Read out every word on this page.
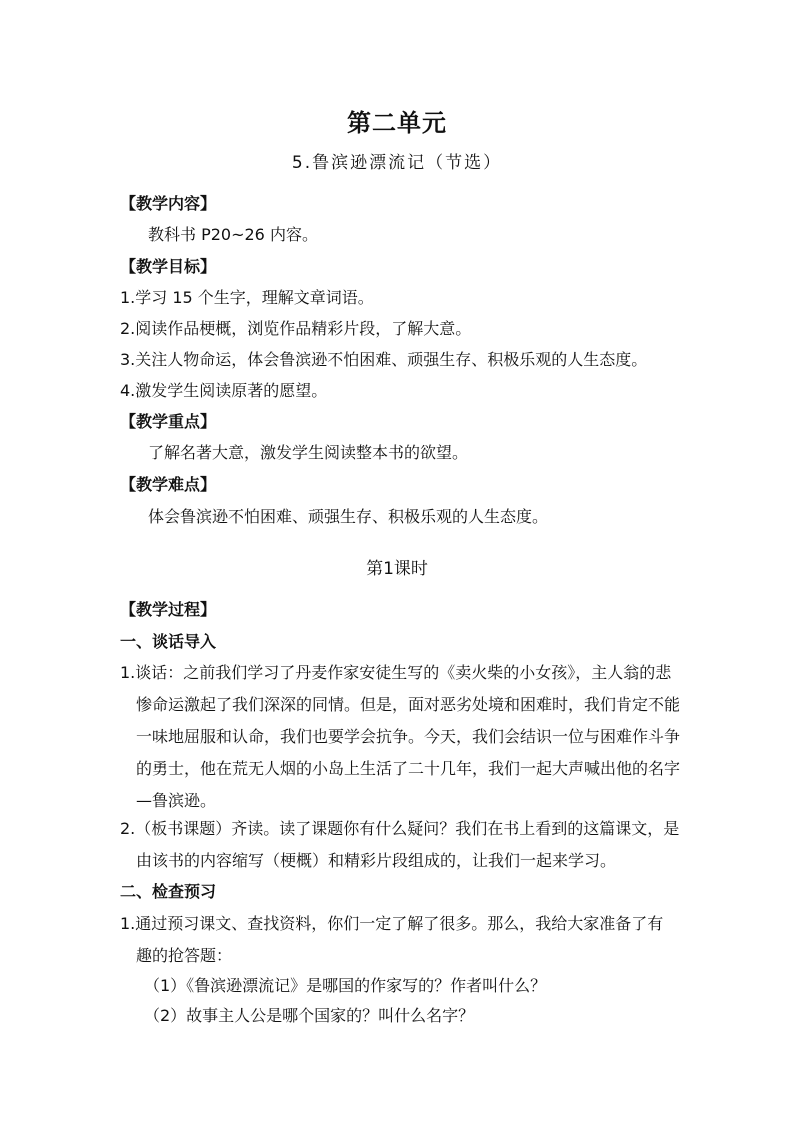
第二单元
5.鲁滨逊漂流记（节选）
【教学内容】
教科书 P20~26 内容。
【教学目标】
1.学习 15 个生字，理解文章词语。
2.阅读作品梗概，浏览作品精彩片段，了解大意。
3.关注人物命运，体会鲁滨逊不怕困难、顽强生存、积极乐观的人生态度。
4.激发学生阅读原著的愿望。
【教学重点】
了解名著大意，激发学生阅读整本书的欲望。
【教学难点】
体会鲁滨逊不怕困难、顽强生存、积极乐观的人生态度。
第1课时
【教学过程】
一、谈话导入
1.谈话：之前我们学习了丹麦作家安徒生写的《卖火柴的小女孩》，主人翁的悲
惨命运激起了我们深深的同情。但是，面对恶劣处境和困难时，我们肯定不能
一味地屈服和认命，我们也要学会抗争。今天，我们会结识一位与困难作斗争
的勇士，他在荒无人烟的小岛上生活了二十几年，我们一起大声喊出他的名字
—鲁滨逊。
2.（板书课题）齐读。读了课题你有什么疑问？我们在书上看到的这篇课文，是
由该书的内容缩写（梗概）和精彩片段组成的，让我们一起来学习。
二、检查预习
1.通过预习课文、查找资料，你们一定了解了很多。那么，我给大家准备了有
趣的抢答题：
（1）《鲁滨逊漂流记》是哪国的作家写的？作者叫什么？
（2）故事主人公是哪个国家的？叫什么名字？
